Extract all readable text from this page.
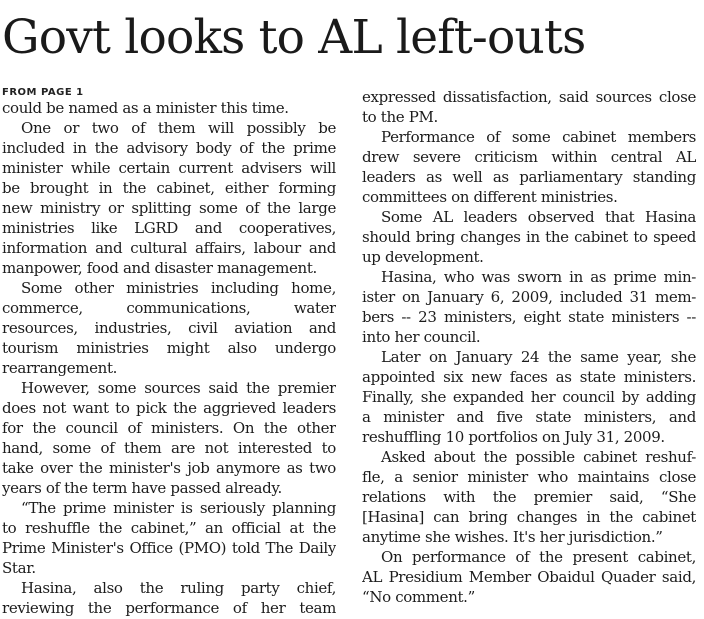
Govt looks to AL left-outs
FROM PAGE 1
could be named as a minister this time.
One or two of them will possibly be
included in the advisory body of the prime
minister while certain current advisers will
be brought in the cabinet, either forming
new ministry or splitting some of the large
ministries like LGRD and cooperatives,
information and cultural affairs, labour and
manpower, food and disaster management.
Some other ministries including home,
commerce, communications, water
resources, industries, civil aviation and
tourism ministries might also undergo
rearrangement.
However, some sources said the premier
does not want to pick the aggrieved leaders
for the council of ministers. On the other
hand, some of them are not interested to
take over the minister's job anymore as two
years of the term have passed already.
“The prime minister is seriously planning
to reshuffle the cabinet,” an official at the
Prime Minister's Office (PMO) told The Daily
Star.
Hasina, also the ruling party chief,
reviewing the performance of her team
expressed dissatisfaction, said sources close
to the PM.
Performance of some cabinet members
drew severe criticism within central AL
leaders as well as parliamentary standing
committees on different ministries.
Some AL leaders observed that Hasina
should bring changes in the cabinet to speed
up development.
Hasina, who was sworn in as prime min-
ister on January 6, 2009, included 31 mem-
bers -- 23 ministers, eight state ministers --
into her council.
Later on January 24 the same year, she
appointed six new faces as state ministers.
Finally, she expanded her council by adding
a minister and five state ministers, and
reshuffling 10 portfolios on July 31, 2009.
Asked about the possible cabinet reshuf-
fle, a senior minister who maintains close
relations with the premier said, “She
[Hasina] can bring changes in the cabinet
anytime she wishes. It's her jurisdiction.”
On performance of the present cabinet,
AL Presidium Member Obaidul Quader said,
“No comment.”
